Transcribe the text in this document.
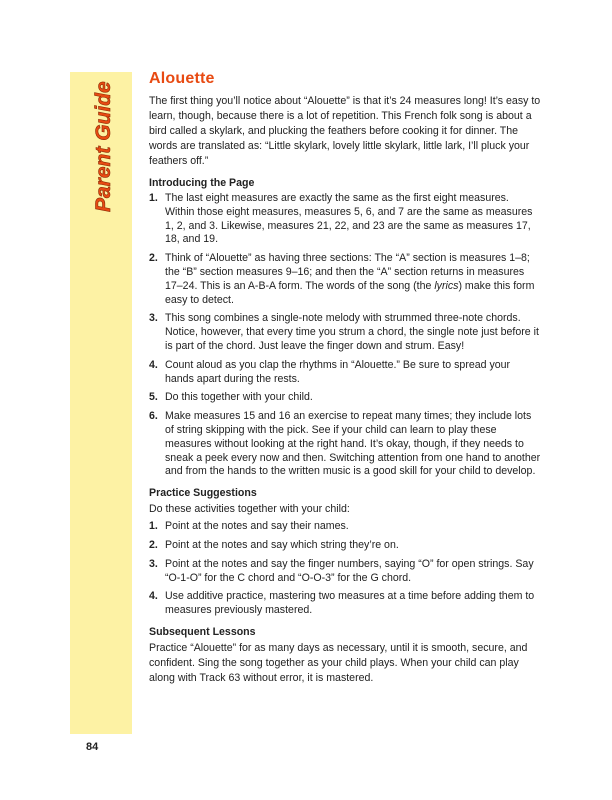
Parent Guide
Alouette

The first thing you’ll notice about “Alouette” is that it’s 24 measures long! It’s easy to learn, though, because there is a lot of repetition. This French folk song is about a bird called a skylark, and plucking the feathers before cooking it for dinner. The words are translated as: “Little skylark, lovely little skylark, little lark, I’ll pluck your feathers off.”

Introducing the Page
1. The last eight measures are exactly the same as the first eight measures. Within those eight measures, measures 5, 6, and 7 are the same as measures 1, 2, and 3. Likewise, measures 21, 22, and 23 are the same as measures 17, 18, and 19.
2. Think of “Alouette” as having three sections: The “A” section is measures 1–8; the “B” section measures 9–16; and then the “A” section returns in measures 17–24. This is an A-B-A form. The words of the song (the lyrics) make this form easy to detect.
3. This song combines a single-note melody with strummed three-note chords. Notice, however, that every time you strum a chord, the single note just before it is part of the chord. Just leave the finger down and strum. Easy!
4. Count aloud as you clap the rhythms in “Alouette.” Be sure to spread your hands apart during the rests.
5. Do this together with your child.
6. Make measures 15 and 16 an exercise to repeat many times; they include lots of string skipping with the pick. See if your child can learn to play these measures without looking at the right hand. It’s okay, though, if they needs to sneak a peek every now and then. Switching attention from one hand to another and from the hands to the written music is a good skill for your child to develop.
Practice Suggestions

Do these activities together with your child:

1. Point at the notes and say their names.
2. Point at the notes and say which string they’re on.
3. Point at the notes and say the finger numbers, saying “O” for open strings. Say “O-1-O” for the C chord and “O-O-3” for the G chord.
4. Use additive practice, mastering two measures at a time before adding them to measures previously mastered.
Subsequent Lessons

Practice “Alouette” for as many days as necessary, until it is smooth, secure, and confident. Sing the song together as your child plays. When your child can play along with Track 63 without error, it is mastered.

84
